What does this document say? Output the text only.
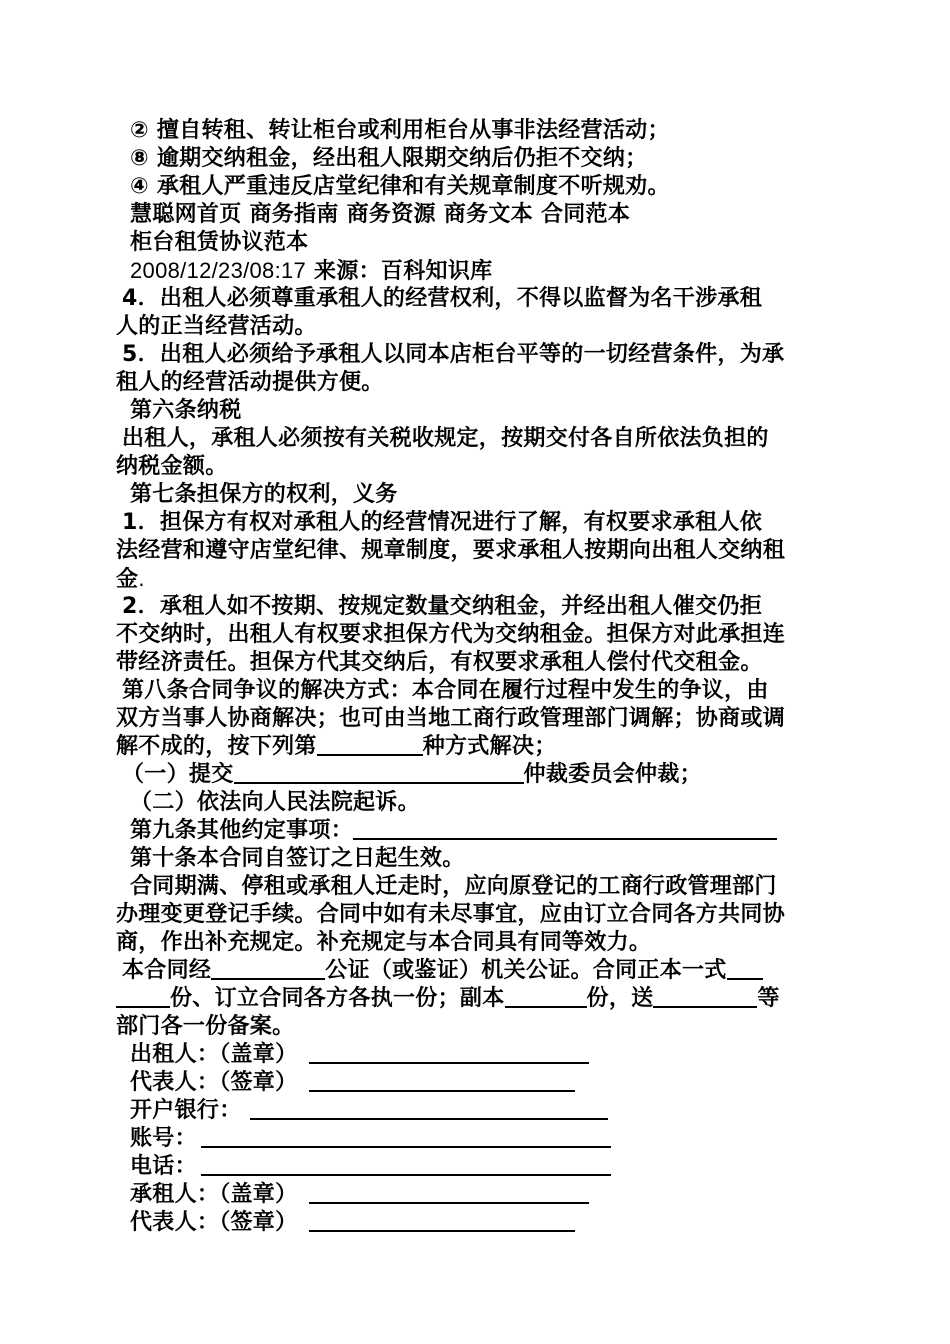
② 擅自转租、转让柜台或利用柜台从事非法经营活动；
⑧ 逾期交纳租金，经出租人限期交纳后仍拒不交纳；
④ 承租人严重违反店堂纪律和有关规章制度不听规劝。
慧聪网首页 商务指南 商务资源 商务文本 合同范本
柜台租赁协议范本
2008/12/23/08:17 来源：百科知识库
4．出租人必须尊重承租人的经营权利，不得以监督为名干涉承租
人的正当经营活动。
5．出租人必须给予承租人以同本店柜台平等的一切经营条件，为承
租人的经营活动提供方便。
第六条纳税
出租人，承租人必须按有关税收规定，按期交付各自所依法负担的
纳税金额。
第七条担保方的权利，义务
1．担保方有权对承租人的经营情况进行了解，有权要求承租人依
法经营和遵守店堂纪律、规章制度，要求承租人按期向出租人交纳租
金.
2．承租人如不按期、按规定数量交纳租金，并经出租人催交仍拒
不交纳时，出租人有权要求担保方代为交纳租金。担保方对此承担连
带经济责任。担保方代其交纳后，有权要求承租人偿付代交租金。
第八条合同争议的解决方式：本合同在履行过程中发生的争议，由
双方当事人协商解决；也可由当地工商行政管理部门调解；协商或调
解不成的，按下列第	种方式解决；
（一）提交	仲裁委员会仲裁；
（二）依法向人民法院起诉。
第九条其他约定事项：
第十条本合同自签订之日起生效。
合同期满、停租或承租人迁走时，应向原登记的工商行政管理部门
办理变更登记手续。合同中如有未尽事宜，应由订立合同各方共同协
商，作出补充规定。补充规定与本合同具有同等效力。
本合同经	公证（或鉴证）机关公证。合同正本一式
份、订立合同各方各执一份；副本	份，送	等
部门各一份备案。
出租人：（盖章）
代表人：（签章）
开户银行：
账号：
电话：
承租人：（盖章）
代表人：（签章）
